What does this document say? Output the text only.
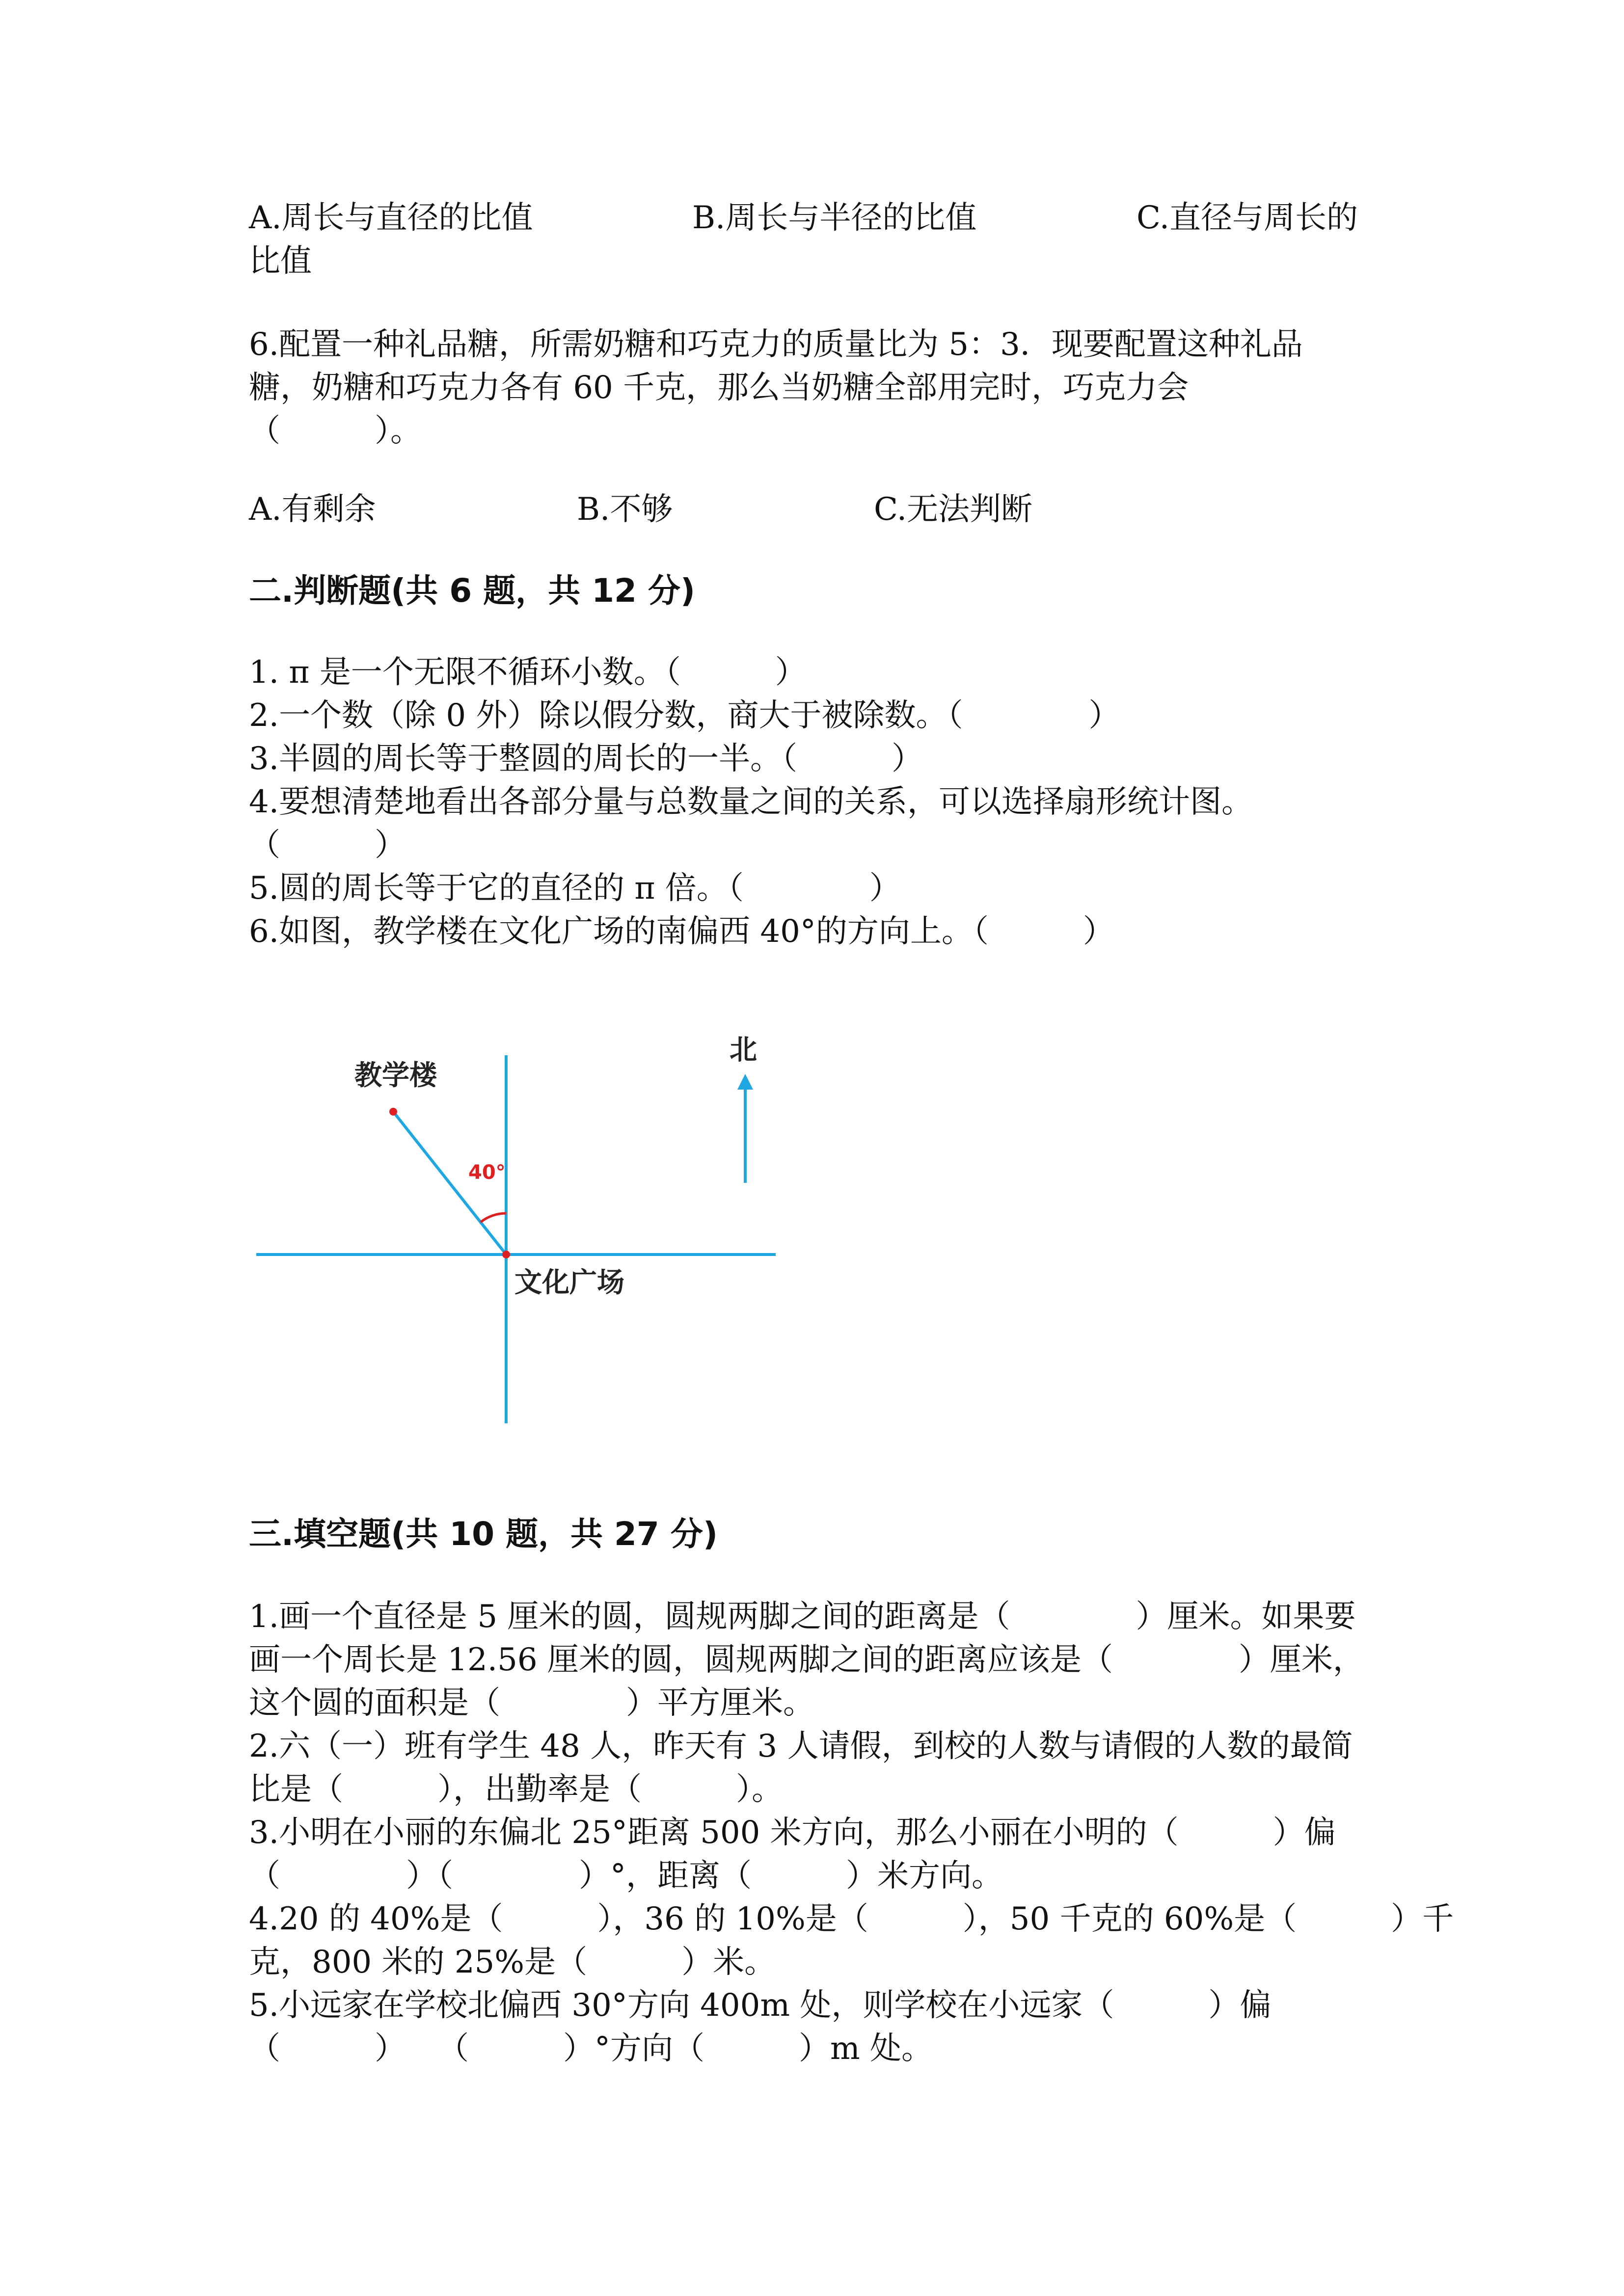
A.周长与直径的比值	B.周长与半径的比值	C.直径与周长的
比值
6.配置一种礼品糖，所需奶糖和巧克力的质量比为 5：3．现要配置这种礼品
糖，奶糖和巧克力各有 60 千克，那么当奶糖全部用完时，巧克力会
（　　　）。
A.有剩余	B.不够	C.无法判断
二.判断题(共 6 题，共 12 分)
1. π 是一个无限不循环小数。（　　　）
2.一个数（除 0 外）除以假分数，商大于被除数。（　　　　）
3.半圆的周长等于整圆的周长的一半。（　　　）
4.要想清楚地看出各部分量与总数量之间的关系，可以选择扇形统计图。
（　　　）
5.圆的周长等于它的直径的 π 倍。（　　　　）
6.如图，教学楼在文化广场的南偏西 40°的方向上。（　　　）
教学楼
40°
北
文化广场
三.填空题(共 10 题，共 27 分)
1.画一个直径是 5 厘米的圆，圆规两脚之间的距离是（　　　　）厘米。如果要
画一个周长是 12.56 厘米的圆，圆规两脚之间的距离应该是（　　　　）厘米，
这个圆的面积是（　　　　）平方厘米。
2.六（一）班有学生 48 人，昨天有 3 人请假，到校的人数与请假的人数的最简
比是（　　　），出勤率是（　　　）。
3.小明在小丽的东偏北 25°距离 500 米方向，那么小丽在小明的（　　　）偏
（　　　　）（　　　　）°，距离（　　　）米方向。
4.20 的 40%是（　　　），36 的 10%是（　　　），50 千克的 60%是（　　　）千
克，800 米的 25%是（　　　）米。
5.小远家在学校北偏西 30°方向 400m 处，则学校在小远家（　　　）偏
（　　　）　　（　　　）°方向（　　　）m 处。
